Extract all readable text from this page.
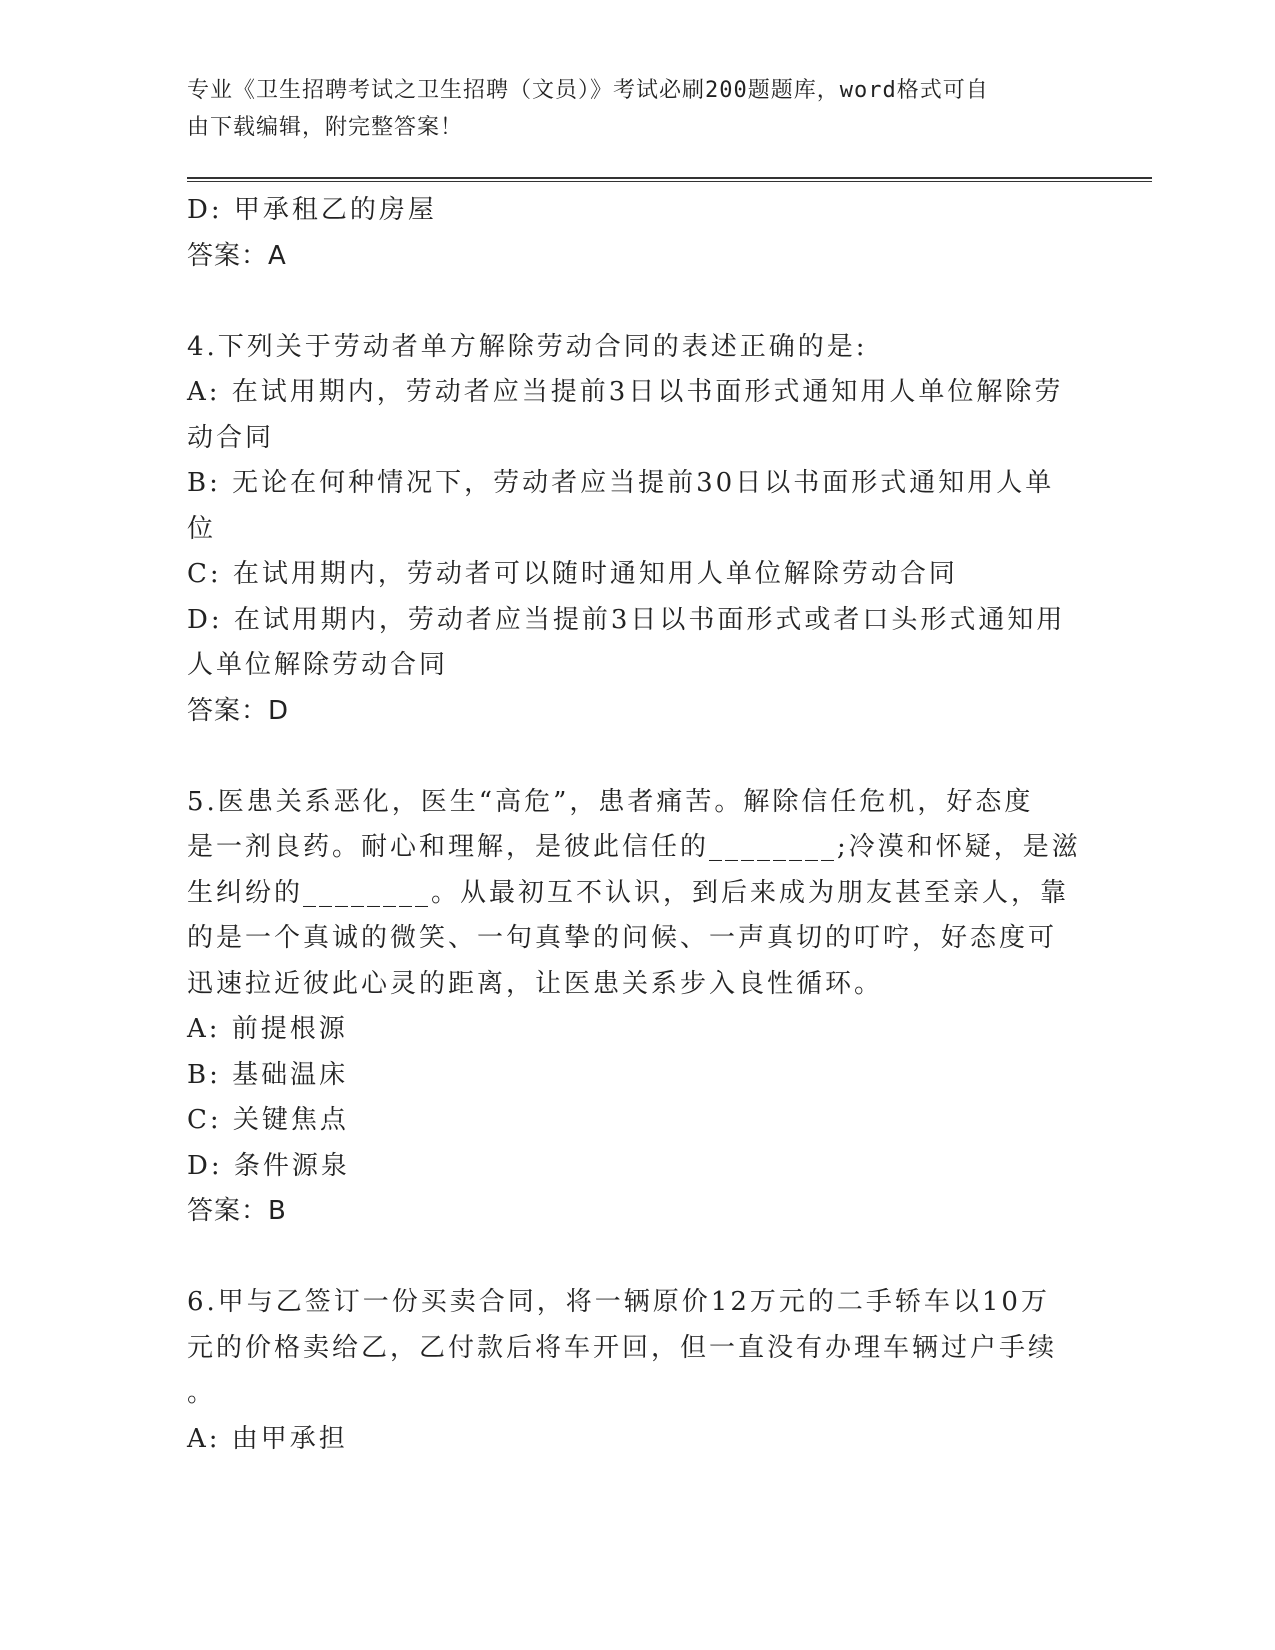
专业《卫生招聘考试之卫生招聘（文员）》考试必刷200题题库，word格式可自
由下载编辑，附完整答案！
D: 甲承租乙的房屋
答案：A
4.下列关于劳动者单方解除劳动合同的表述正确的是:
A: 在试用期内，劳动者应当提前3日以书面形式通知用人单位解除劳
动合同
B: 无论在何种情况下，劳动者应当提前30日以书面形式通知用人单
位
C: 在试用期内，劳动者可以随时通知用人单位解除劳动合同
D: 在试用期内，劳动者应当提前3日以书面形式或者口头形式通知用
人单位解除劳动合同
答案：D
5.医患关系恶化，医生“高危”，患者痛苦。解除信任危机，好态度
是一剂良药。耐心和理解，是彼此信任的________;冷漠和怀疑，是滋
生纠纷的________。从最初互不认识，到后来成为朋友甚至亲人，靠
的是一个真诚的微笑、一句真挚的问候、一声真切的叮咛，好态度可
迅速拉近彼此心灵的距离，让医患关系步入良性循环。
A: 前提根源
B: 基础温床
C: 关键焦点
D: 条件源泉
答案：B
6.甲与乙签订一份买卖合同，将一辆原价12万元的二手轿车以10万
元的价格卖给乙，乙付款后将车开回，但一直没有办理车辆过户手续
。
A: 由甲承担
